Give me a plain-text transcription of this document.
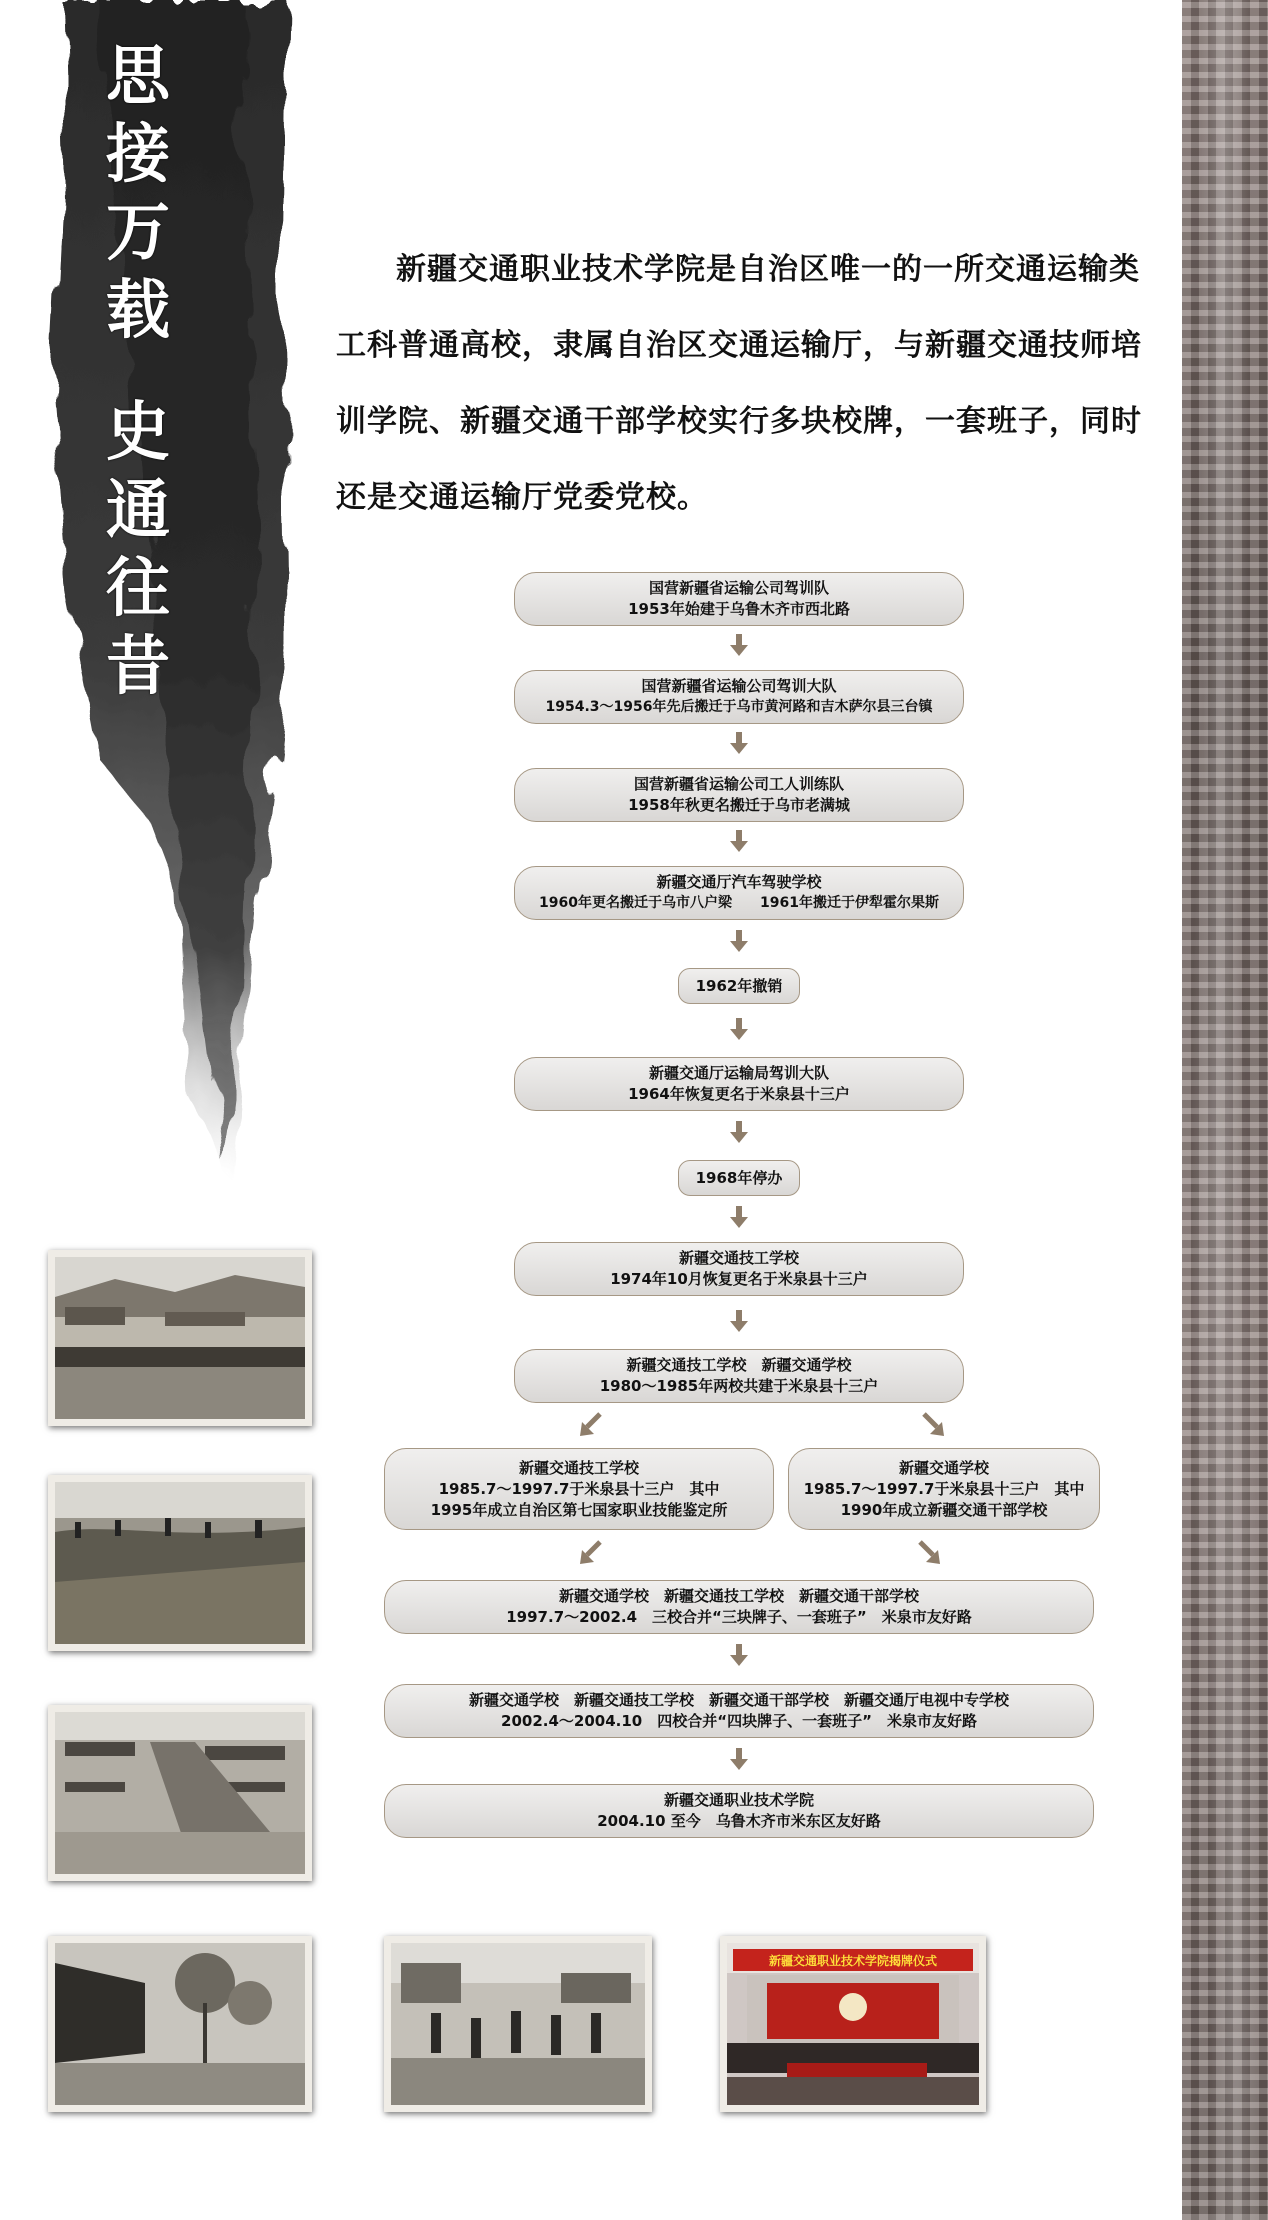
思
接
万
载
史
通
往
昔
新疆交通职业技术学院是自治区唯一的一所交通运输类工科普通高校，隶属自治区交通运输厅，与新疆交通技师培训学院、新疆交通干部学校实行多块校牌，一套班子，同时还是交通运输厅党委党校。
国营新疆省运输公司驾训队
1953年始建于乌鲁木齐市西北路
国营新疆省运输公司驾训大队
1954.3～1956年先后搬迁于乌市黄河路和吉木萨尔县三台镇
国营新疆省运输公司工人训练队
1958年秋更名搬迁于乌市老满城
新疆交通厅汽车驾驶学校
1960年更名搬迁于乌市八户梁　　1961年搬迁于伊犁霍尔果斯
1962年撤销
新疆交通厅运输局驾训大队
1964年恢复更名于米泉县十三户
1968年停办
新疆交通技工学校
1974年10月恢复更名于米泉县十三户
新疆交通技工学校　新疆交通学校
1980～1985年两校共建于米泉县十三户
新疆交通技工学校
1985.7～1997.7于米泉县十三户　其中
1995年成立自治区第七国家职业技能鉴定所
新疆交通学校
1985.7～1997.7于米泉县十三户　其中
1990年成立新疆交通干部学校
新疆交通学校　新疆交通技工学校　新疆交通干部学校
1997.7～2002.4　三校合并“三块牌子、一套班子”　米泉市友好路
新疆交通学校　新疆交通技工学校　新疆交通干部学校　新疆交通厅电视中专学校
2002.4～2004.10　四校合并“四块牌子、一套班子”　米泉市友好路
新疆交通职业技术学院
2004.10 至今　乌鲁木齐市米东区友好路
新疆交通职业技术学院揭牌仪式
